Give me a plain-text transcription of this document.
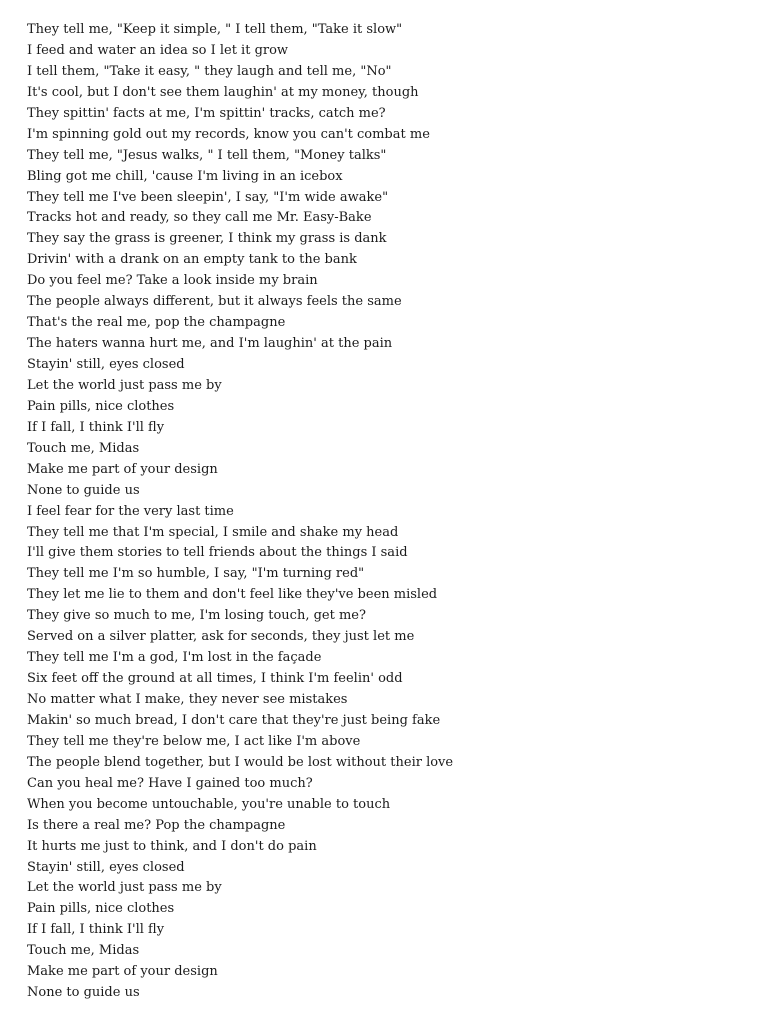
They tell me, "Keep it simple, " I tell them, "Take it slow"
I feed and water an idea so I let it grow
I tell them, "Take it easy, " they laugh and tell me, "No"
It's cool, but I don't see them laughin' at my money, though
They spittin' facts at me, I'm spittin' tracks, catch me?
I'm spinning gold out my records, know you can't combat me
They tell me, "Jesus walks, " I tell them, "Money talks"
Bling got me chill, 'cause I'm living in an icebox
They tell me I've been sleepin', I say, "I'm wide awake"
Tracks hot and ready, so they call me Mr. Easy-Bake
They say the grass is greener, I think my grass is dank
Drivin' with a drank on an empty tank to the bank
Do you feel me? Take a look inside my brain
The people always different, but it always feels the same
That's the real me, pop the champagne
The haters wanna hurt me, and I'm laughin' at the pain
Stayin' still, eyes closed
Let the world just pass me by
Pain pills, nice clothes
If I fall, I think I'll fly
Touch me, Midas
Make me part of your design
None to guide us
I feel fear for the very last time
They tell me that I'm special, I smile and shake my head
I'll give them stories to tell friends about the things I said
They tell me I'm so humble, I say, "I'm turning red"
They let me lie to them and don't feel like they've been misled
They give so much to me, I'm losing touch, get me?
Served on a silver platter, ask for seconds, they just let me
They tell me I'm a god, I'm lost in the façade
Six feet off the ground at all times, I think I'm feelin' odd
No matter what I make, they never see mistakes
Makin' so much bread, I don't care that they're just being fake
They tell me they're below me, I act like I'm above
The people blend together, but I would be lost without their love
Can you heal me? Have I gained too much?
When you become untouchable, you're unable to touch
Is there a real me? Pop the champagne
It hurts me just to think, and I don't do pain
Stayin' still, eyes closed
Let the world just pass me by
Pain pills, nice clothes
If I fall, I think I'll fly
Touch me, Midas
Make me part of your design
None to guide us
